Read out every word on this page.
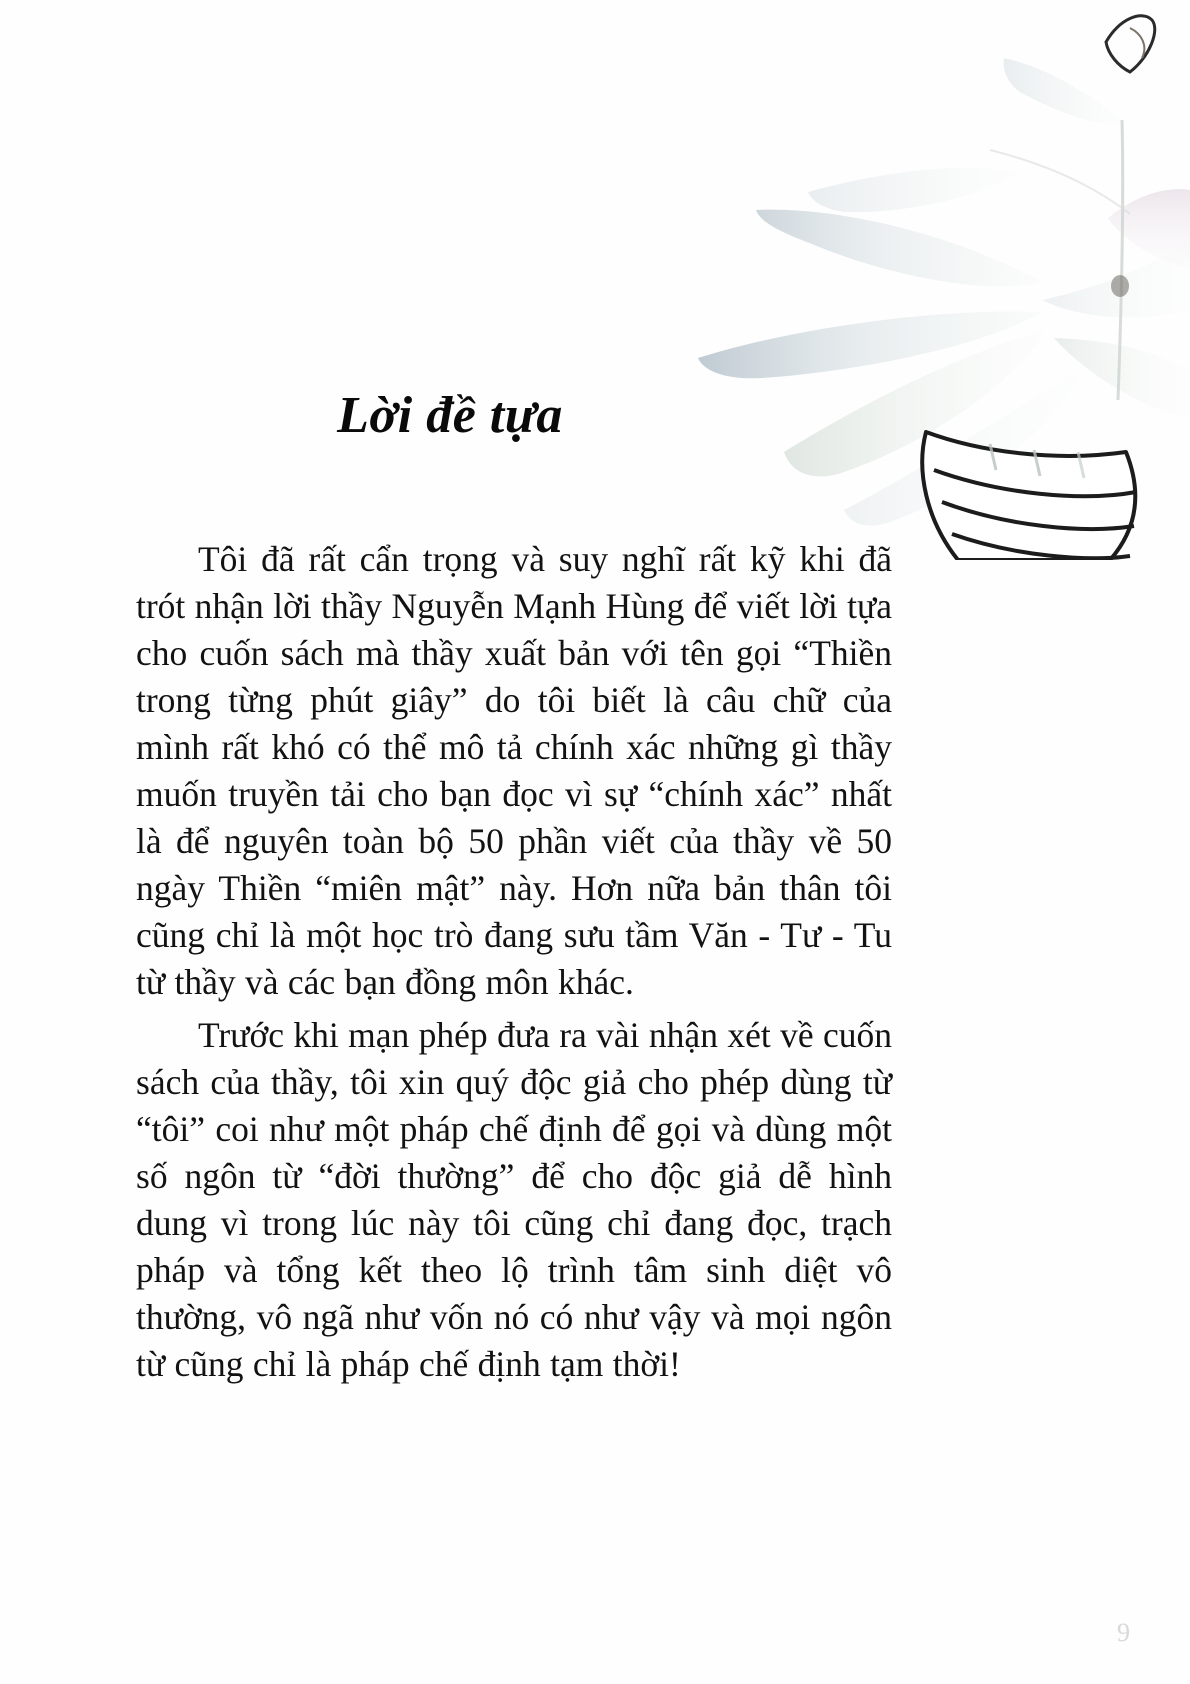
Lời đề tựa

Tôi đã rất cẩn trọng và suy nghĩ rất kỹ khi đã trót nhận lời thầy Nguyễn Mạnh Hùng để viết lời tựa cho cuốn sách mà thầy xuất bản với tên gọi “Thiền trong từng phút giây” do tôi biết là câu chữ của mình rất khó có thể mô tả chính xác những gì thầy muốn truyền tải cho bạn đọc vì sự “chính xác” nhất là để nguyên toàn bộ 50 phần viết của thầy về 50 ngày Thiền “miên mật” này. Hơn nữa bản thân tôi cũng chỉ là một học trò đang sưu tầm Văn - Tư - Tu từ thầy và các bạn đồng môn khác.

Trước khi mạn phép đưa ra vài nhận xét về cuốn sách của thầy, tôi xin quý độc giả cho phép dùng từ “tôi” coi như một pháp chế định để gọi và dùng một số ngôn từ “đời thường” để cho độc giả dễ hình dung vì trong lúc này tôi cũng chỉ đang đọc, trạch pháp và tổng kết theo lộ trình tâm sinh diệt vô thường, vô ngã như vốn nó có như vậy và mọi ngôn từ cũng chỉ là pháp chế định tạm thời!

9
